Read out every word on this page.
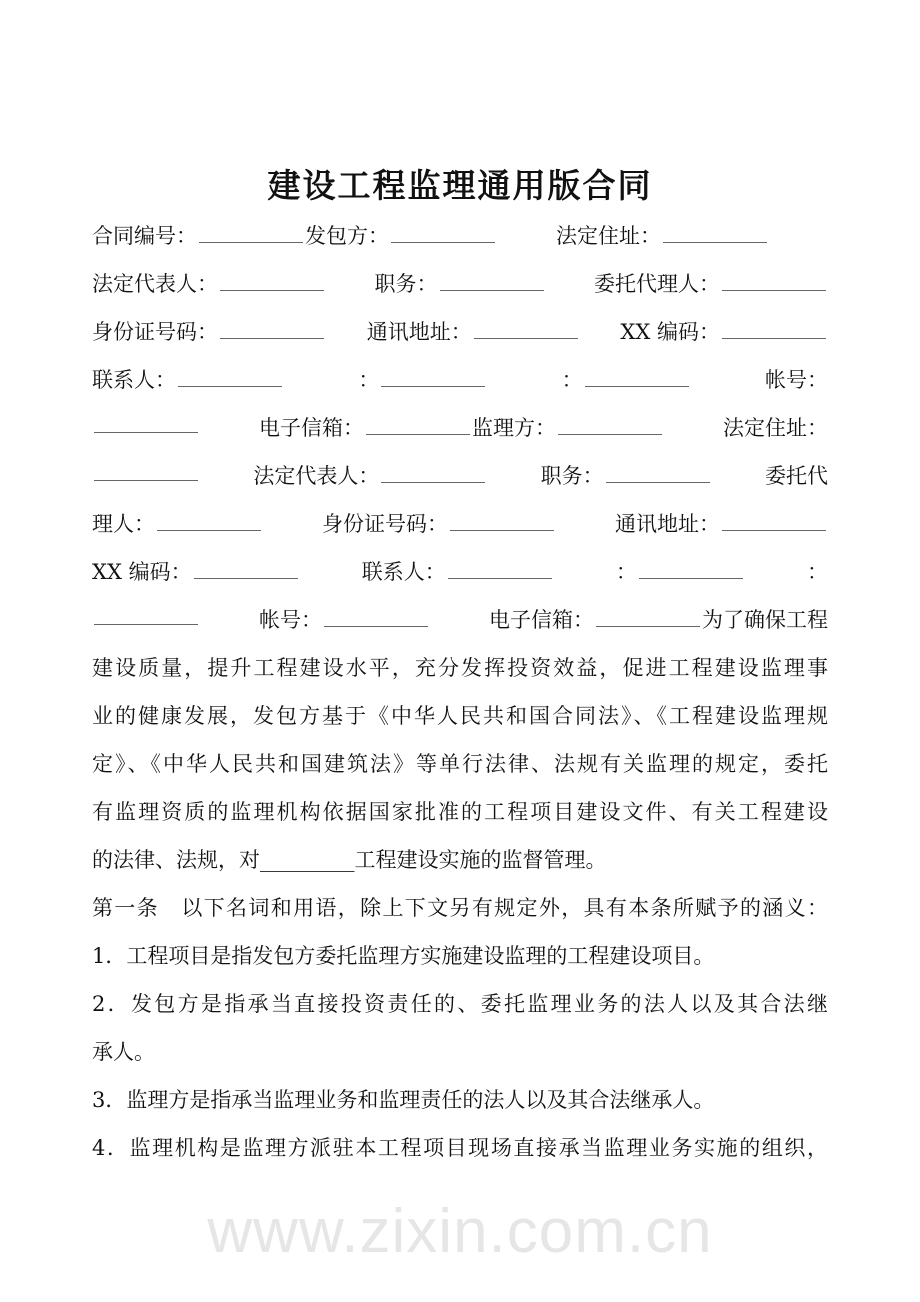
建设工程监理通用版合同
合同编号：	发包方：	法定住址：
法定代表人：	职务：	委托代理人：
身份证号码：	通讯地址：	XX 编码：
联系人：	：	：	帐号：
电子信箱：	监理方：	法定住址：
法定代表人：	职务：	委托代
理人：	身份证号码：	通讯地址：
XX 编码：	联系人：	：	：
帐号：	电子信箱：	为了确保工程
建设质量，提升工程建设水平，充分发挥投资效益，促进工程建设监理事
业的健康发展，发包方基于《中华人民共和国合同法》、《工程建设监理规
定》、《中华人民共和国建筑法》等单行法律、法规有关监理的规定，委托
有监理资质的监理机构依据国家批准的工程项目建设文件、有关工程建设
的法律、法规，对_________工程建设实施的监督管理。
第一条　以下名词和用语，除上下文另有规定外，具有本条所赋予的涵义：
1．工程项目是指发包方委托监理方实施建设监理的工程建设项目。
2．发包方是指承当直接投资责任的、委托监理业务的法人以及其合法继
承人。
3．监理方是指承当监理业务和监理责任的法人以及其合法继承人。
4．监理机构是监理方派驻本工程项目现场直接承当监理业务实施的组织，
www.zixin.com.cn
